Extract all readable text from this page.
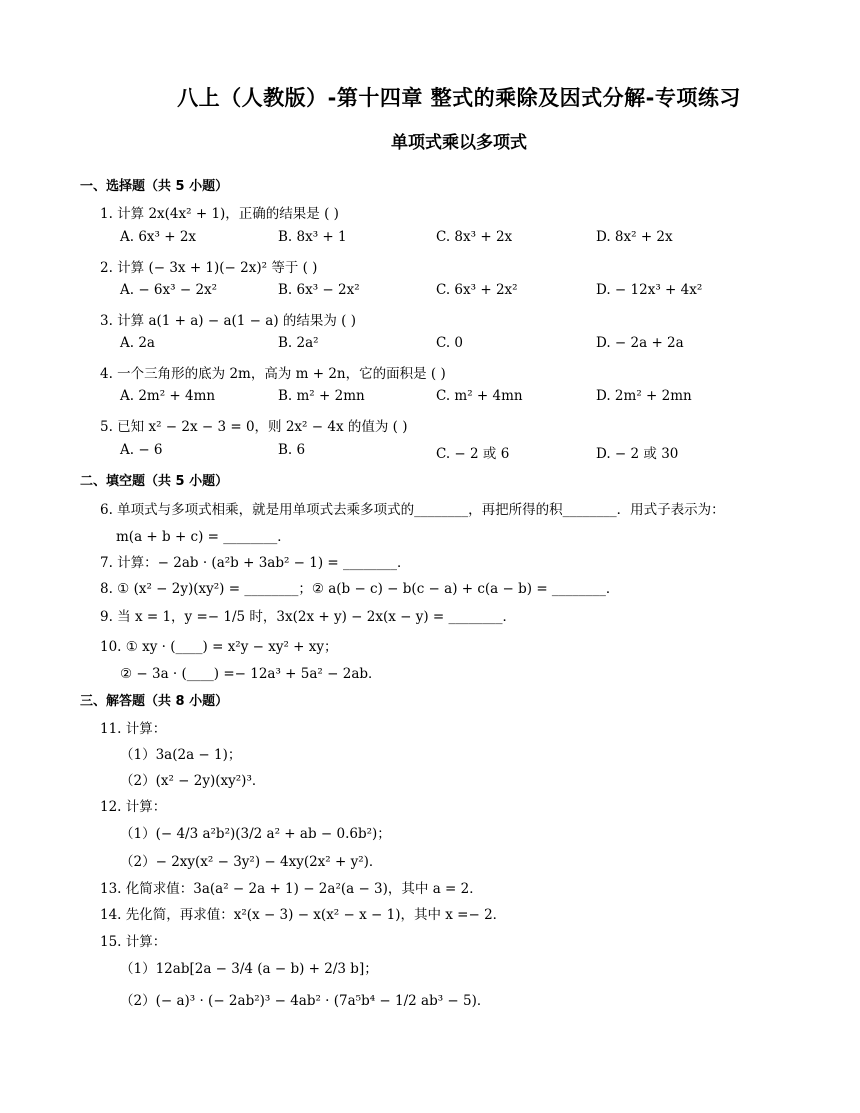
八上（人教版）-第十四章 整式的乘除及因式分解-专项练习
单项式乘以多项式
一、选择题（共 5 小题）
1. 计算 2x(4x² + 1)，正确的结果是 ( )
A. 6x³ + 2x	B. 8x³ + 1	C. 8x³ + 2x	D. 8x² + 2x
2. 计算 (− 3x + 1)(− 2x)² 等于 ( )
A. − 6x³ − 2x²	B. 6x³ − 2x²	C. 6x³ + 2x²	D. − 12x³ + 4x²
3. 计算 a(1 + a) − a(1 − a) 的结果为 ( )
A. 2a	B. 2a²	C. 0	D. − 2a + 2a
4. 一个三角形的底为 2m，高为 m + 2n，它的面积是 ( )
A. 2m² + 4mn	B. m² + 2mn	C. m² + 4mn	D. 2m² + 2mn
5. 已知 x² − 2x − 3 = 0，则 2x² − 4x 的值为 ( )
A. − 6	B. 6	C. − 2 或 6	D. − 2 或 30
二、填空题（共 5 小题）
6. 单项式与多项式相乘，就是用单项式去乘多项式的________，再把所得的积________．用式子表示为：
m(a + b + c) = ________．
7. 计算：− 2ab · (a²b + 3ab² − 1) = ________．
8. ① (x² − 2y)(xy²) = ________；② a(b − c) − b(c − a) + c(a − b) = ________．
9. 当 x = 1，y =− 1/5 时，3x(2x + y) − 2x(x − y) = ________．
10. ① xy · (____) = x²y − xy² + xy；
② − 3a · (____) =− 12a³ + 5a² − 2ab．
三、解答题（共 8 小题）
11. 计算：
（1）3a(2a − 1)；
（2）(x² − 2y)(xy²)³．
12. 计算：
（1）(− 4/3 a²b²)(3/2 a² + ab − 0.6b²)；
（2）− 2xy(x² − 3y²) − 4xy(2x² + y²)．
13. 化简求值：3a(a² − 2a + 1) − 2a²(a − 3)，其中 a = 2．
14. 先化简，再求值：x²(x − 3) − x(x² − x − 1)，其中 x =− 2．
15. 计算：
（1）12ab[2a − 3/4 (a − b) + 2/3 b]；
（2）(− a)³ · (− 2ab²)³ − 4ab² · (7a⁵b⁴ − 1/2 ab³ − 5)．
